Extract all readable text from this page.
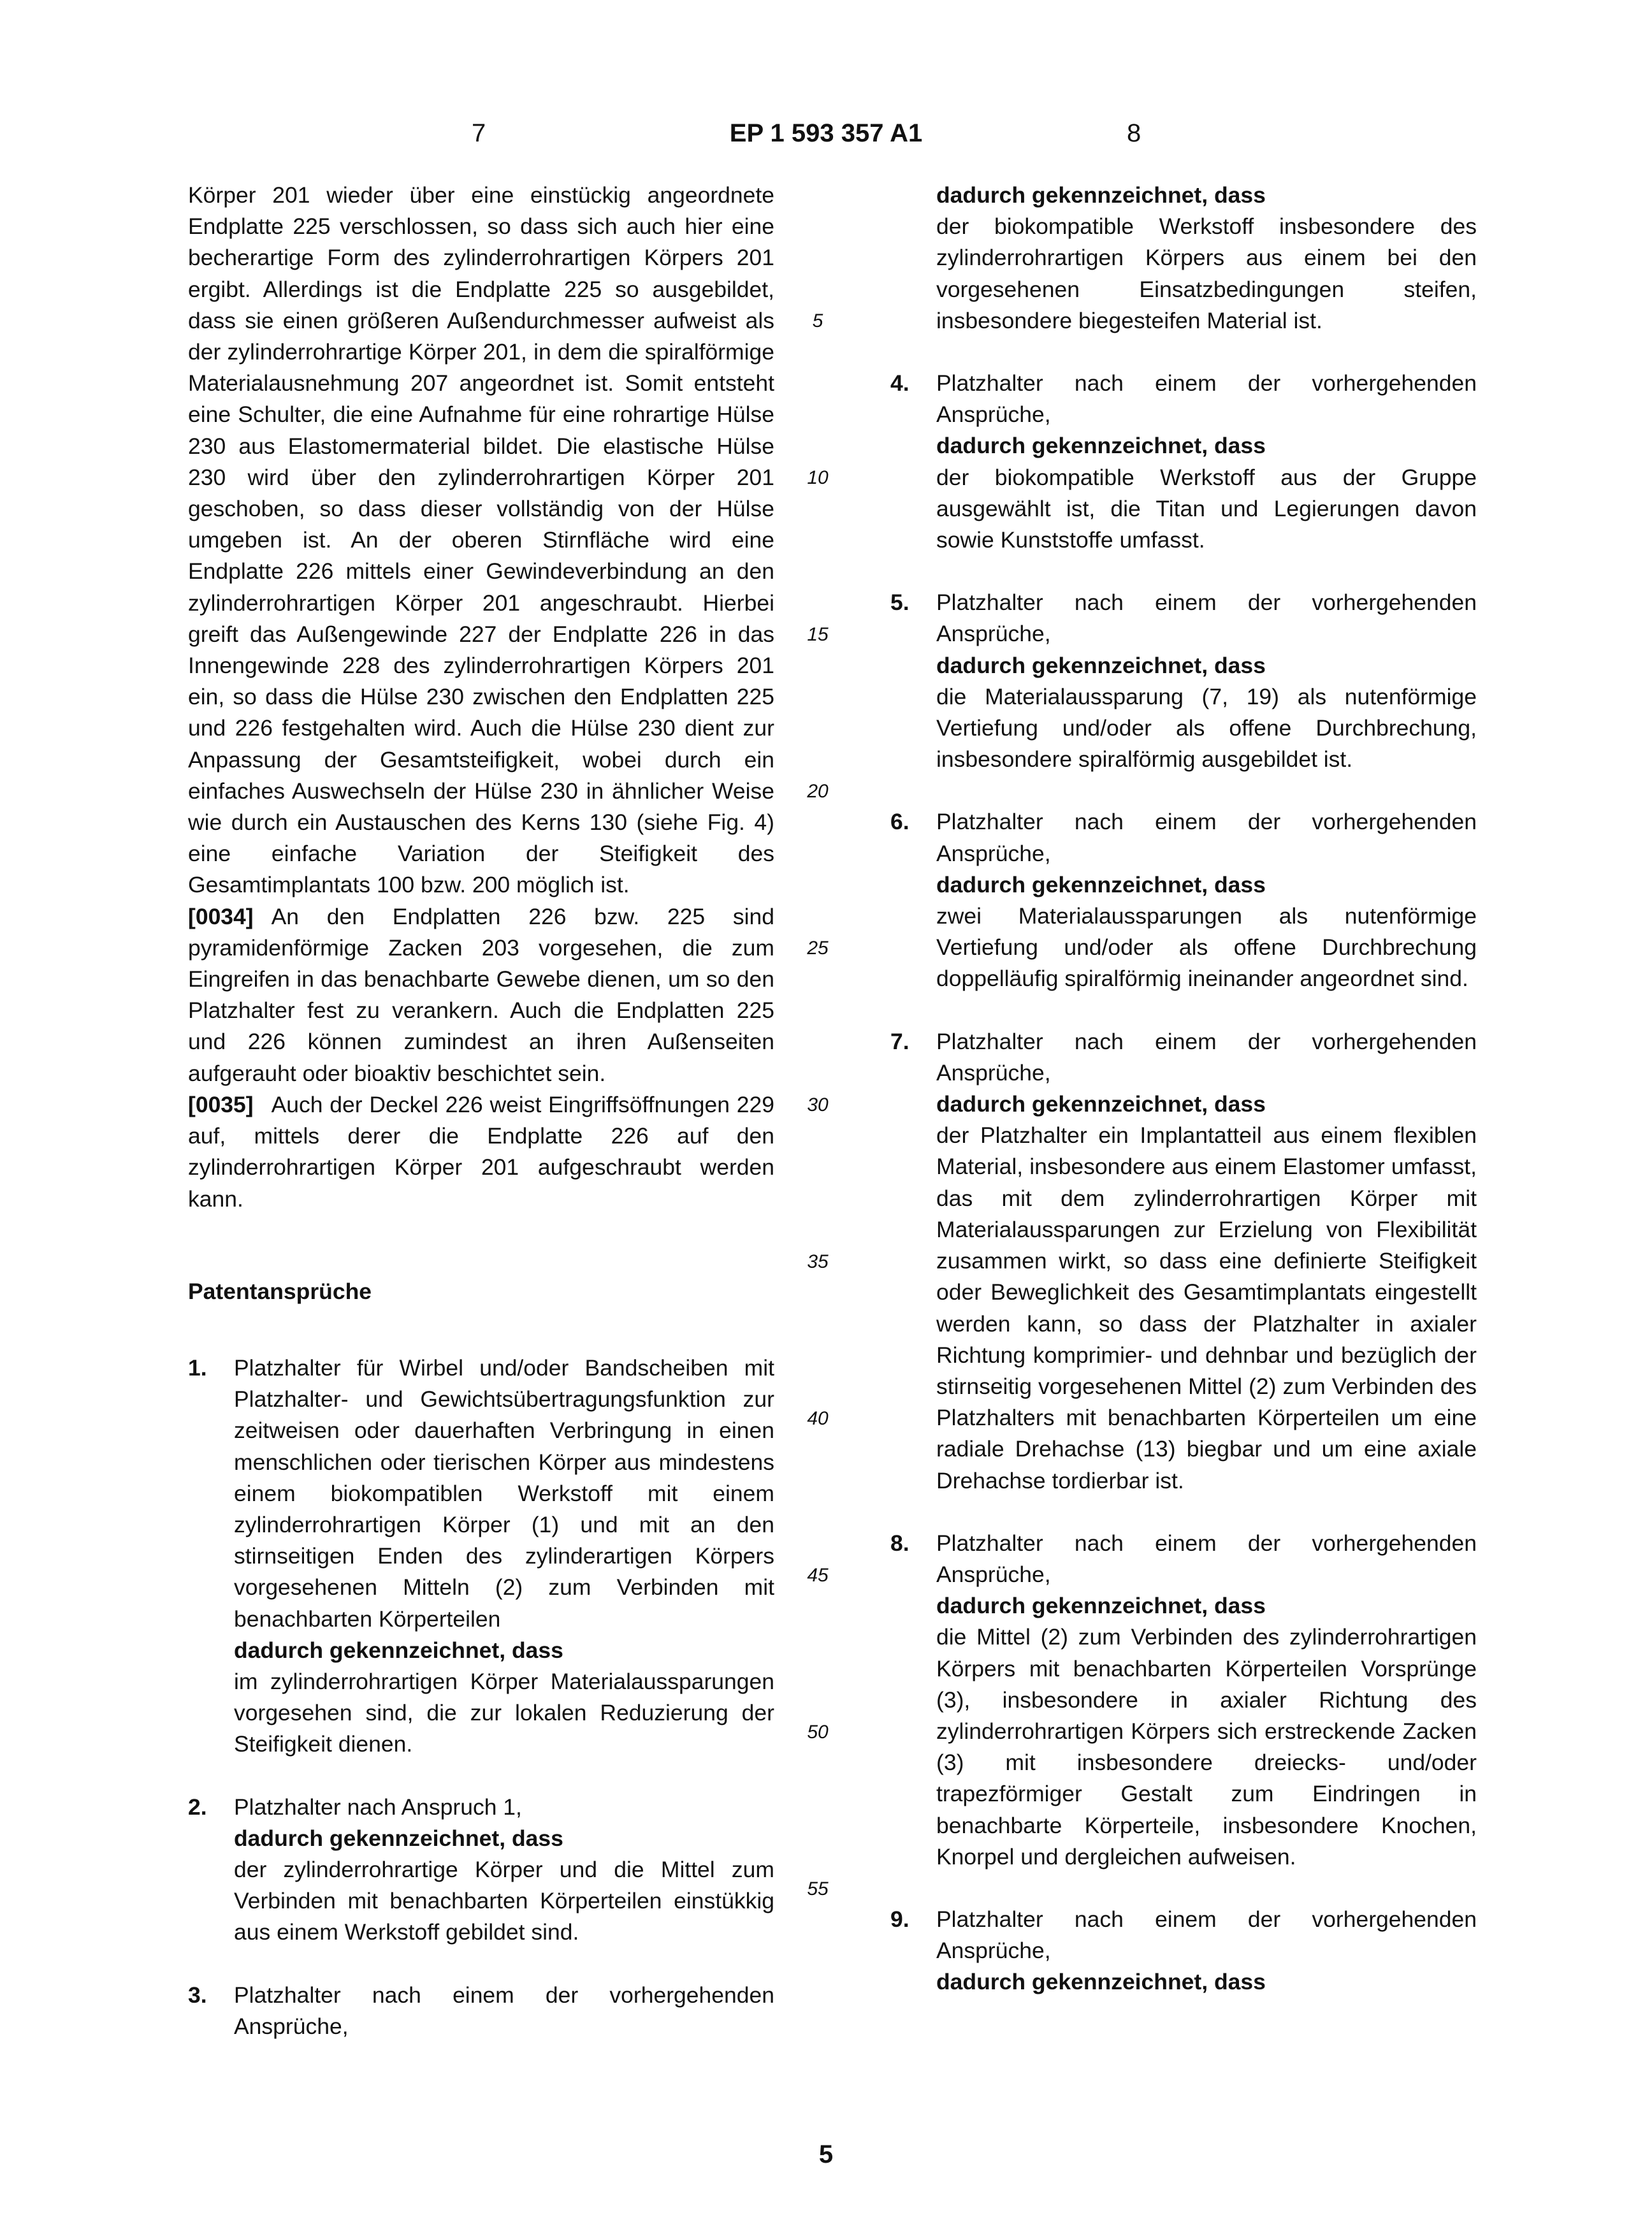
7	EP 1 593 357 A1	8

Körper 201 wieder über eine einstückig angeordnete Endplatte 225 verschlossen, so dass sich auch hier eine becherartige Form des zylinderrohrartigen Körpers 201 ergibt. Allerdings ist die Endplatte 225 so ausgebildet, dass sie einen größeren Außendurchmesser aufweist als der zylinderrohrartige Körper 201, in dem die spiralförmige Materialausnehmung 207 angeordnet ist. Somit entsteht eine Schulter, die eine Aufnahme für eine rohrartige Hülse 230 aus Elastomermaterial bildet. Die elastische Hülse 230 wird über den zylinderrohrartigen Körper 201 geschoben, so dass dieser vollständig von der Hülse umgeben ist. An der oberen Stirnfläche wird eine Endplatte 226 mittels einer Gewindeverbindung an den zylinderrohrartigen Körper 201 angeschraubt. Hierbei greift das Außengewinde 227 der Endplatte 226 in das Innengewinde 228 des zylinderrohrartigen Körpers 201 ein, so dass die Hülse 230 zwischen den Endplatten 225 und 226 festgehalten wird. Auch die Hülse 230 dient zur Anpassung der Gesamtsteifigkeit, wobei durch ein einfaches Auswechseln der Hülse 230 in ähnlicher Weise wie durch ein Austauschen des Kerns 130 (siehe Fig. 4) eine einfache Variation der Steifigkeit des Gesamtimplantats 100 bzw. 200 möglich ist.

[0034] An den Endplatten 226 bzw. 225 sind pyramidenförmige Zacken 203 vorgesehen, die zum Eingreifen in das benachbarte Gewebe dienen, um so den Platzhalter fest zu verankern. Auch die Endplatten 225 und 226 können zumindest an ihren Außenseiten aufgerauht oder bioaktiv beschichtet sein.

[0035] Auch der Deckel 226 weist Eingriffsöffnungen 229 auf, mittels derer die Endplatte 226 auf den zylinderrohrartigen Körper 201 aufgeschraubt werden kann.

Patentansprüche

1. Platzhalter für Wirbel und/oder Bandscheiben mit Platzhalter- und Gewichtsübertragungsfunktion zur zeitweisen oder dauerhaften Verbringung in einen menschlichen oder tierischen Körper aus mindestens einem biokompatiblen Werkstoff mit einem zylinderrohrartigen Körper (1) und mit an den stirnseitigen Enden des zylinderartigen Körpers vorgesehenen Mitteln (2) zum Verbinden mit benachbarten Körperteilen
dadurch gekennzeichnet, dass
im zylinderrohrartigen Körper Materialaussparungen vorgesehen sind, die zur lokalen Reduzierung der Steifigkeit dienen.
2. Platzhalter nach Anspruch 1,
dadurch gekennzeichnet, dass
der zylinderrohrartige Körper und die Mittel zum Verbinden mit benachbarten Körperteilen einstükkig aus einem Werkstoff gebildet sind.
3. Platzhalter nach einem der vorhergehenden Ansprüche,
5
10
15
20
25
30
35
40
45
50
55
dadurch gekennzeichnet, dass
der biokompatible Werkstoff insbesondere des zylinderrohrartigen Körpers aus einem bei den vorgesehenen Einsatzbedingungen steifen, insbesondere biegesteifen Material ist.
4. Platzhalter nach einem der vorhergehenden Ansprüche,
dadurch gekennzeichnet, dass
der biokompatible Werkstoff aus der Gruppe ausgewählt ist, die Titan und Legierungen davon sowie Kunststoffe umfasst.
5. Platzhalter nach einem der vorhergehenden Ansprüche,
dadurch gekennzeichnet, dass
die Materialaussparung (7, 19) als nutenförmige Vertiefung und/oder als offene Durchbrechung, insbesondere spiralförmig ausgebildet ist.
6. Platzhalter nach einem der vorhergehenden Ansprüche,
dadurch gekennzeichnet, dass
zwei Materialaussparungen als nutenförmige Vertiefung und/oder als offene Durchbrechung doppelläufig spiralförmig ineinander angeordnet sind.
7. Platzhalter nach einem der vorhergehenden Ansprüche,
dadurch gekennzeichnet, dass
der Platzhalter ein Implantatteil aus einem flexiblen Material, insbesondere aus einem Elastomer umfasst, das mit dem zylinderrohrartigen Körper mit Materialaussparungen zur Erzielung von Flexibilität zusammen wirkt, so dass eine definierte Steifigkeit oder Beweglichkeit des Gesamtimplantats eingestellt werden kann, so dass der Platzhalter in axialer Richtung komprimier- und dehnbar und bezüglich der stirnseitig vorgesehenen Mittel (2) zum Verbinden des Platzhalters mit benachbarten Körperteilen um eine radiale Drehachse (13) biegbar und um eine axiale Drehachse tordierbar ist.
8. Platzhalter nach einem der vorhergehenden Ansprüche,
dadurch gekennzeichnet, dass
die Mittel (2) zum Verbinden des zylinderrohrartigen Körpers mit benachbarten Körperteilen Vorsprünge (3), insbesondere in axialer Richtung des zylinderrohrartigen Körpers sich erstreckende Zacken (3) mit insbesondere dreiecks- und/oder trapezförmiger Gestalt zum Eindringen in benachbarte Körperteile, insbesondere Knochen, Knorpel und dergleichen aufweisen.
9. Platzhalter nach einem der vorhergehenden Ansprüche,
dadurch gekennzeichnet, dass
5
